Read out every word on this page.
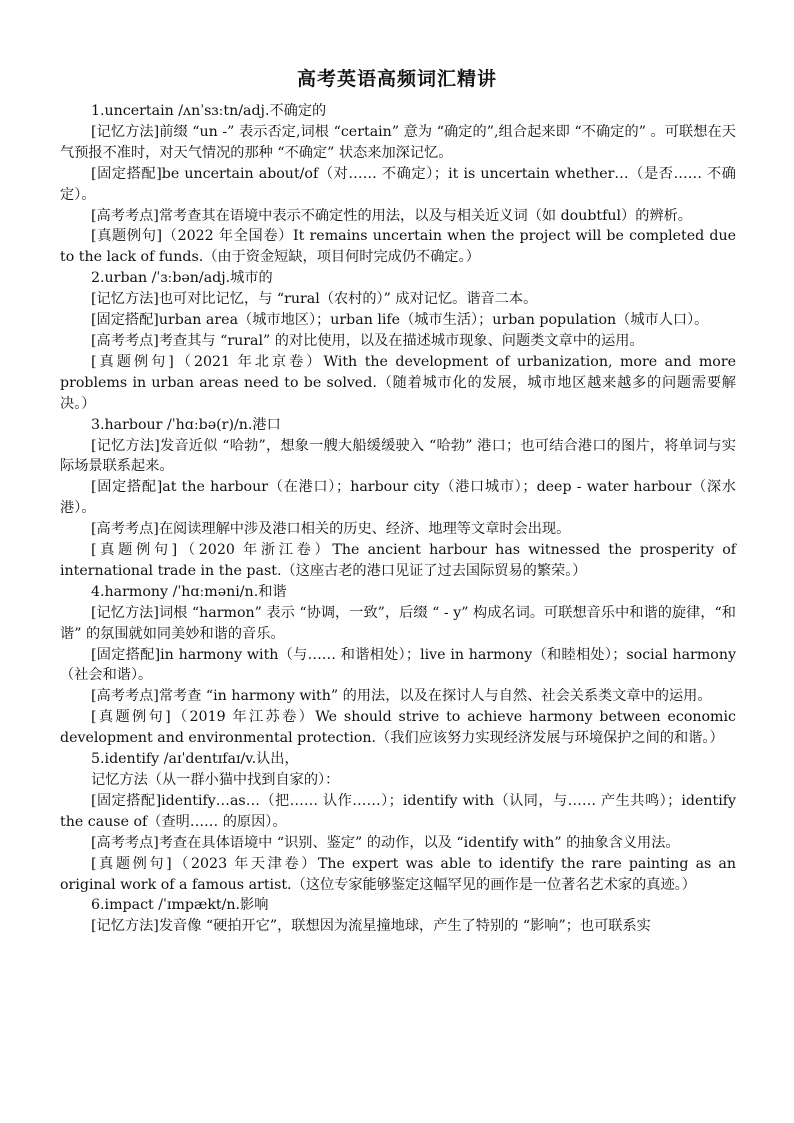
高考英语高频词汇精讲

1.uncertain /ʌnˈsɜːtn/adj.不确定的

[记忆方法]前缀 “un -” 表示否定,词根 “certain” 意为 “确定的”,组合起来即 “不确定的” 。可联想在天气预报不准时，对天气情况的那种 “不确定” 状态来加深记忆。

[固定搭配]be uncertain about/of（对…… 不确定）；it is uncertain whether…（是否…… 不确定）。

[高考考点]常考查其在语境中表示不确定性的用法，以及与相关近义词（如 doubtful）的辨析。

[真题例句]（2022 年全国卷）It remains uncertain when the project will be completed due to the lack of funds.（由于资金短缺，项目何时完成仍不确定。）

2.urban /ˈɜːbən/adj.城市的

[记忆方法]也可对比记忆，与 “rural（农村的）” 成对记忆。谐音二本。

[固定搭配]urban area（城市地区）；urban life（城市生活）；urban population（城市人口）。

[高考考点]考查其与 “rural” 的对比使用，以及在描述城市现象、问题类文章中的运用。

[真题例句]（2021 年北京卷）With the development of urbanization, more and more problems in urban areas need to be solved.（随着城市化的发展，城市地区越来越多的问题需要解决。）

3.harbour /ˈhɑːbə(r)/n.港口

[记忆方法]发音近似 “哈勃”，想象一艘大船缓缓驶入 “哈勃” 港口；也可结合港口的图片，将单词与实际场景联系起来。

[固定搭配]at the harbour（在港口）；harbour city（港口城市）；deep - water harbour（深水港）。

[高考考点]在阅读理解中涉及港口相关的历史、经济、地理等文章时会出现。

[真题例句]（2020 年浙江卷）The ancient harbour has witnessed the prosperity of international trade in the past.（这座古老的港口见证了过去国际贸易的繁荣。）

4.harmony /ˈhɑːməni/n.和谐

[记忆方法]词根 “harmon” 表示 “协调，一致”，后缀 “ - y” 构成名词。可联想音乐中和谐的旋律，“和谐” 的氛围就如同美妙和谐的音乐。

[固定搭配]in harmony with（与…… 和谐相处）；live in harmony（和睦相处）；social harmony（社会和谐）。

[高考考点]常考查 “in harmony with” 的用法，以及在探讨人与自然、社会关系类文章中的运用。

[真题例句]（2019 年江苏卷）We should strive to achieve harmony between economic development and environmental protection.（我们应该努力实现经济发展与环境保护之间的和谐。）

5.identify /aɪˈdentɪfaɪ/v.认出，

记忆方法（从一群小猫中找到自家的）：

[固定搭配]identify…as…（把…… 认作……）；identify with（认同，与…… 产生共鸣）；identify the cause of（查明…… 的原因）。

[高考考点]考查在具体语境中 “识别、鉴定” 的动作，以及 “identify with” 的抽象含义用法。

[真题例句]（2023 年天津卷）The expert was able to identify the rare painting as an original work of a famous artist.（这位专家能够鉴定这幅罕见的画作是一位著名艺术家的真迹。）

6.impact /ˈɪmpækt/n.影响

[记忆方法]发音像 “硬拍开它”，联想因为流星撞地球，产生了特别的 “影响”；也可联系实
